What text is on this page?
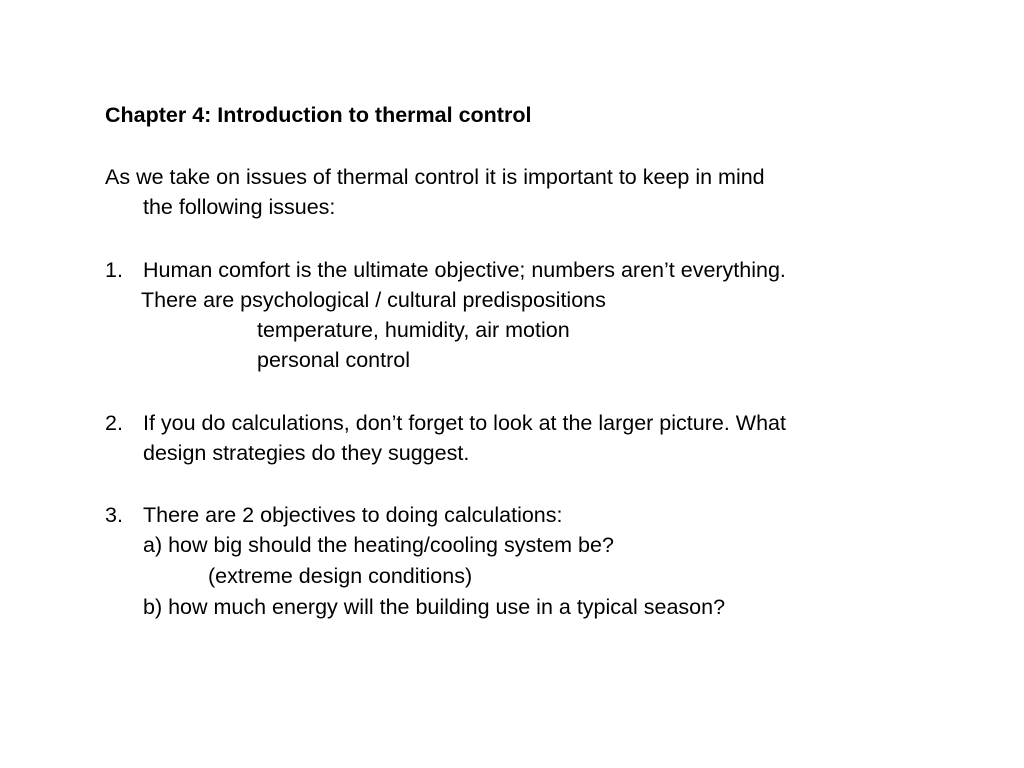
Chapter 4: Introduction to thermal control
As we take on issues of thermal control it is important to keep in mind
the following issues:
1. Human comfort is the ultimate objective; numbers aren’t everything.
There are psychological / cultural predispositions
temperature, humidity, air motion
personal control
2. If you do calculations, don’t forget to look at the larger picture. What
design strategies do they suggest.
3. There are 2 objectives to doing calculations:
a) how big should the heating/cooling system be?
(extreme design conditions)
b) how much energy will the building use in a typical season?
